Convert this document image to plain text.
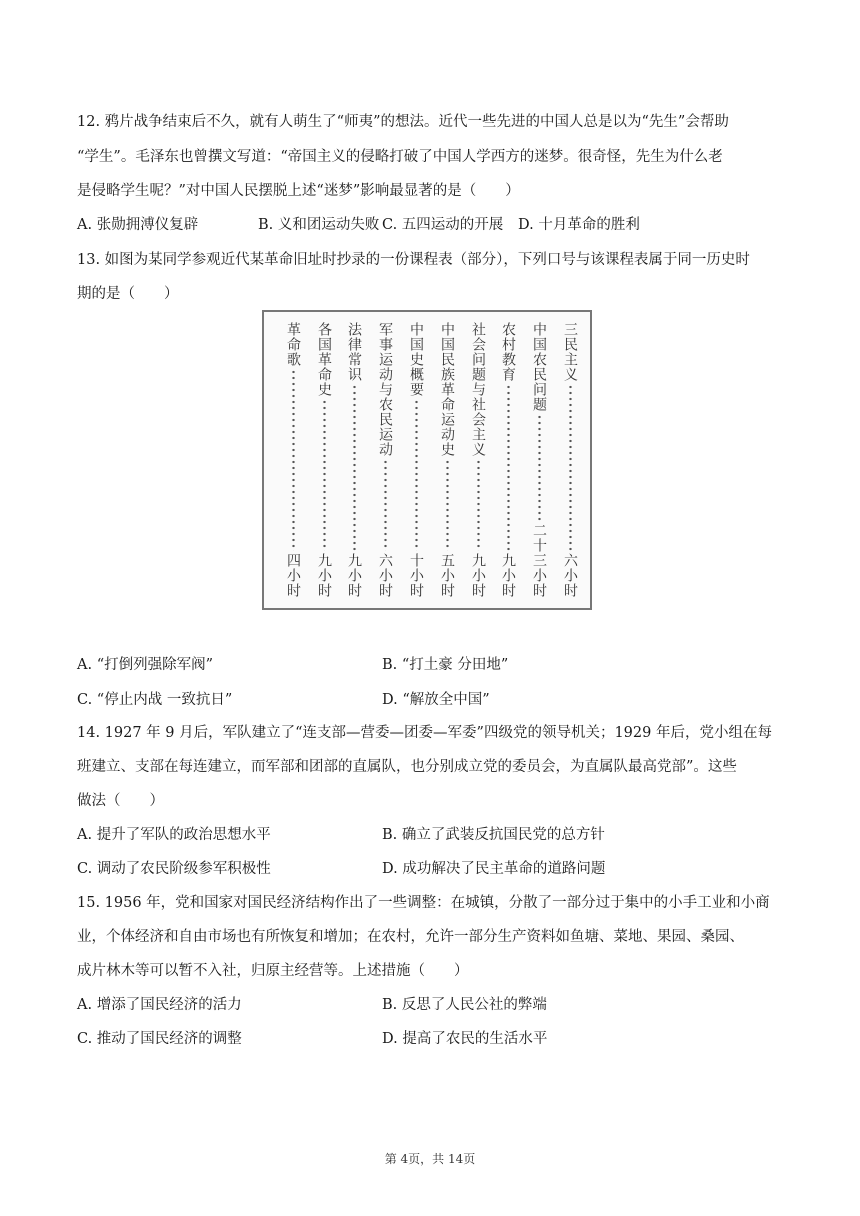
12. 鸦片战争结束后不久，就有人萌生了“师夷”的想法。近代一些先进的中国人总是以为“先生”会帮助
“学生”。毛泽东也曾撰文写道：“帝国主义的侵略打破了中国人学西方的迷梦。很奇怪，先生为什么老
是侵略学生呢？”对中国人民摆脱上述“迷梦”影响最显著的是（　　）
A. 张勋拥溥仪复辟	B. 义和团运动失败 C. 五四运动的开展 D. 十月革命的胜利
13. 如图为某同学参观近代某革命旧址时抄录的一份课程表（部分），下列口号与该课程表属于同一历史时
期的是（　　）
三民主义
六小时
中国农民问题
二十三小时
农村教育
九小时
社会问题与社会主义
九小时
中国民族革命运动史
五小时
中国史概要
十小时
军事运动与农民运动
六小时
法律常识
九小时
各国革命史
九小时
革命歌
四小时
A. “打倒列强除军阀”	B. “打土豪 分田地”
C. “停止内战 一致抗日”	D. “解放全中国”
14. 1927 年 9 月后，军队建立了“连支部—营委—团委—军委”四级党的领导机关；1929 年后，党小组在每
班建立、支部在每连建立，而军部和团部的直属队，也分别成立党的委员会，为直属队最高党部”。这些
做法（　　）
A. 提升了军队的政治思想水平	B. 确立了武装反抗国民党的总方针
C. 调动了农民阶级参军积极性	D. 成功解决了民主革命的道路问题
15. 1956 年，党和国家对国民经济结构作出了一些调整：在城镇，分散了一部分过于集中的小手工业和小商
业，个体经济和自由市场也有所恢复和增加；在农村，允许一部分生产资料如鱼塘、菜地、果园、桑园、
成片林木等可以暂不入社，归原主经营等。上述措施（　　）
A. 增添了国民经济的活力	B. 反思了人民公社的弊端
C. 推动了国民经济的调整	D. 提高了农民的生活水平
第 4页，共 14页
